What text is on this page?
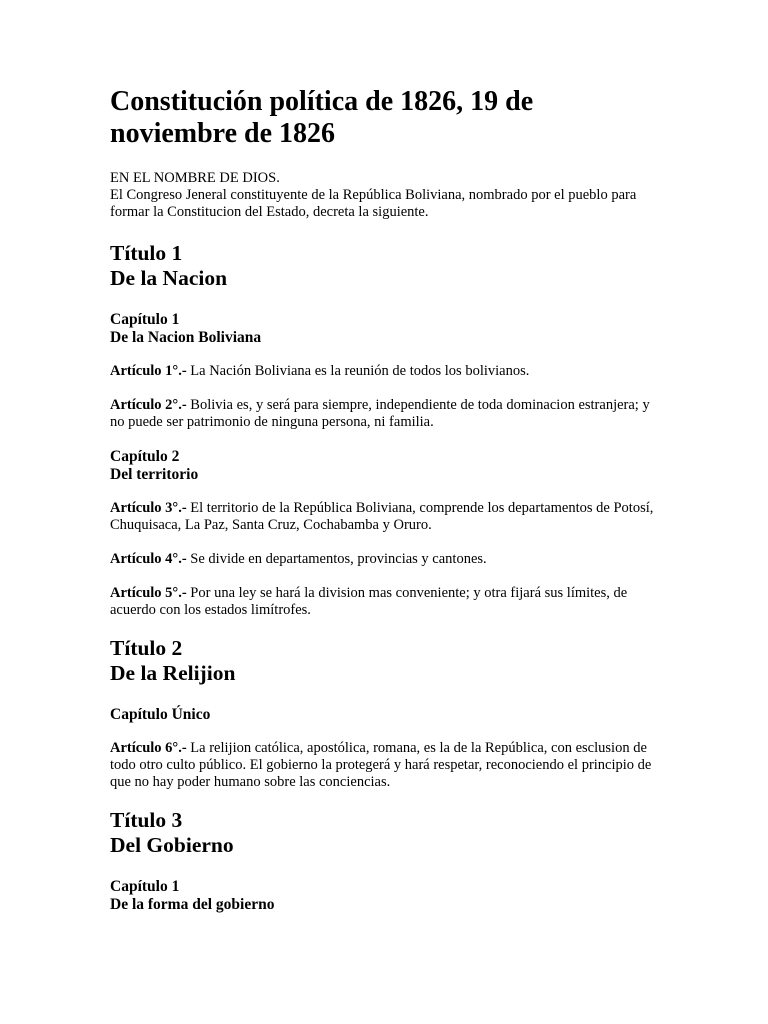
Constitución política de 1826, 19 de noviembre de 1826
EN EL NOMBRE DE DIOS.
El Congreso Jeneral constituyente de la República Boliviana, nombrado por el pueblo para formar la Constitucion del Estado, decreta la siguiente.
Título 1
De la Nacion
Capítulo 1
De la Nacion Boliviana

Artículo 1°.- La Nación Boliviana es la reunión de todos los bolivianos.

Artículo 2°.- Bolivia es, y será para siempre, independiente de toda dominacion estranjera; y no puede ser patrimonio de ninguna persona, ni familia.

Capítulo 2
Del territorio

Artículo 3°.- El territorio de la República Boliviana, comprende los departamentos de Potosí, Chuquisaca, La Paz, Santa Cruz, Cochabamba y Oruro.

Artículo 4°.- Se divide en departamentos, provincias y cantones.

Artículo 5°.- Por una ley se hará la division mas conveniente; y otra fijará sus límites, de acuerdo con los estados limítrofes.

Título 2
De la Relijion
Capítulo Único

Artículo 6°.- La relijion católica, apostólica, romana, es la de la República, con esclusion de todo otro culto público. El gobierno la protegerá y hará respetar, reconociendo el principio de que no hay poder humano sobre las conciencias.

Título 3
Del Gobierno
Capítulo 1
De la forma del gobierno
